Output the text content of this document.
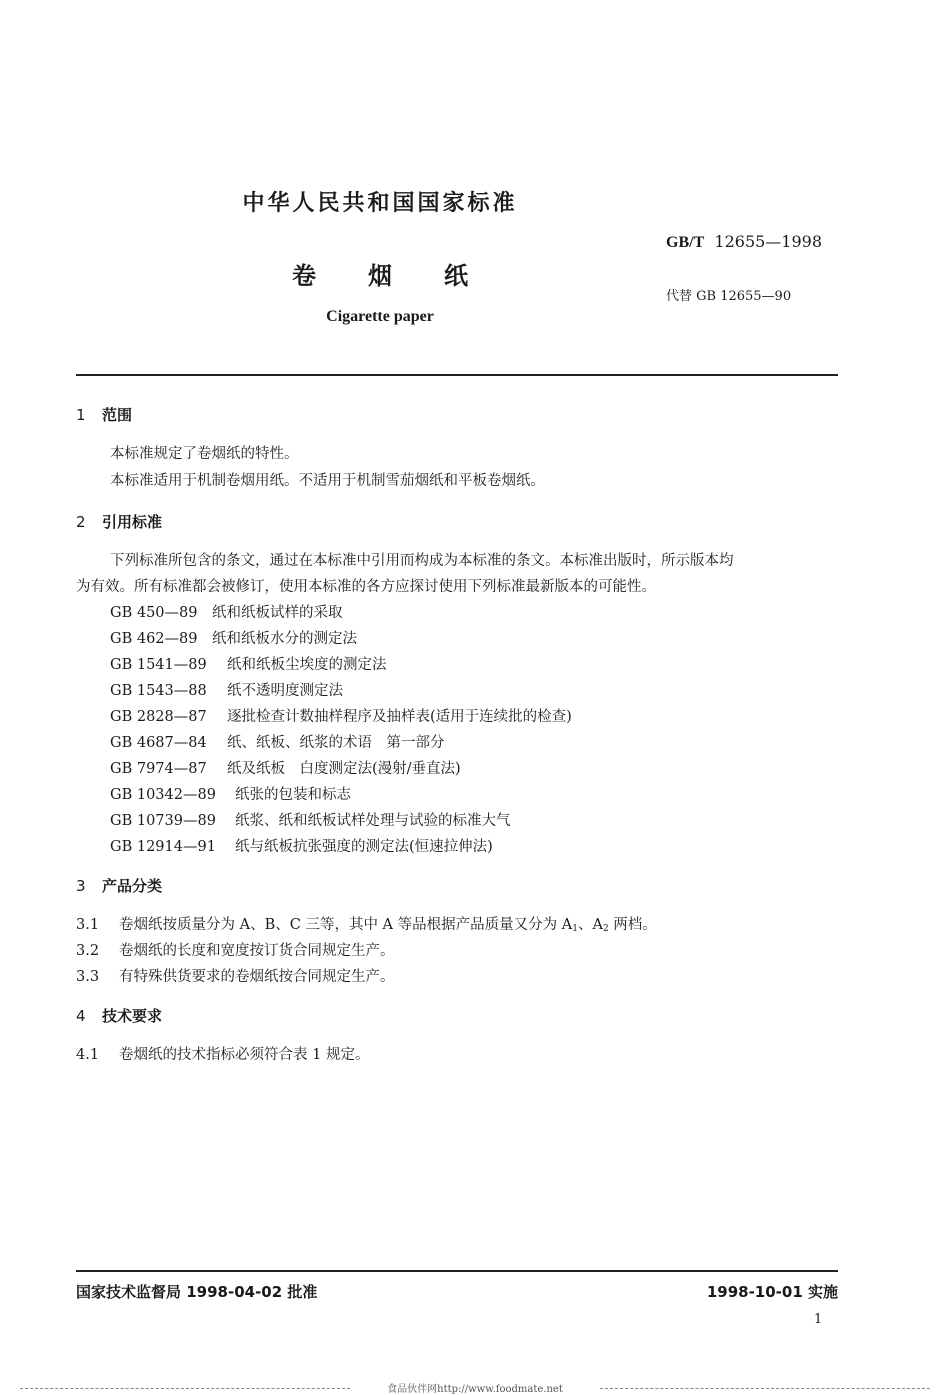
中华人民共和国国家标准
卷 烟 纸
Cigarette paper
GB/T 12655—1998
代替 GB 12655—90
1 范围
本标准规定了卷烟纸的特性。
本标准适用于机制卷烟用纸。不适用于机制雪茄烟纸和平板卷烟纸。
2 引用标准
下列标准所包含的条文，通过在本标准中引用而构成为本标准的条文。本标准出版时，所示版本均
为有效。所有标准都会被修订，使用本标准的各方应探讨使用下列标准最新版本的可能性。
GB 450—89 纸和纸板试样的采取
GB 462—89 纸和纸板水分的测定法
GB 1541—89 纸和纸板尘埃度的测定法
GB 1543—88 纸不透明度测定法
GB 2828—87 逐批检查计数抽样程序及抽样表(适用于连续批的检查)
GB 4687—84 纸、纸板、纸浆的术语　第一部分
GB 7974—87 纸及纸板　白度测定法(漫射/垂直法)
GB 10342—89 纸张的包装和标志
GB 10739—89 纸浆、纸和纸板试样处理与试验的标准大气
GB 12914—91 纸与纸板抗张强度的测定法(恒速拉伸法)
3 产品分类
3.1 卷烟纸按质量分为 A、B、C 三等，其中 A 等品根据产品质量又分为 $A_1$、$A_2$ 两档。
3.2 卷烟纸的长度和宽度按订货合同规定生产。
3.3 有特殊供货要求的卷烟纸按合同规定生产。
4 技术要求
4.1 卷烟纸的技术指标必须符合表 1 规定。
国家技术监督局 1998-04-02 批准	1998-10-01 实施
1
食品伙伴网http://www.foodmate.net
